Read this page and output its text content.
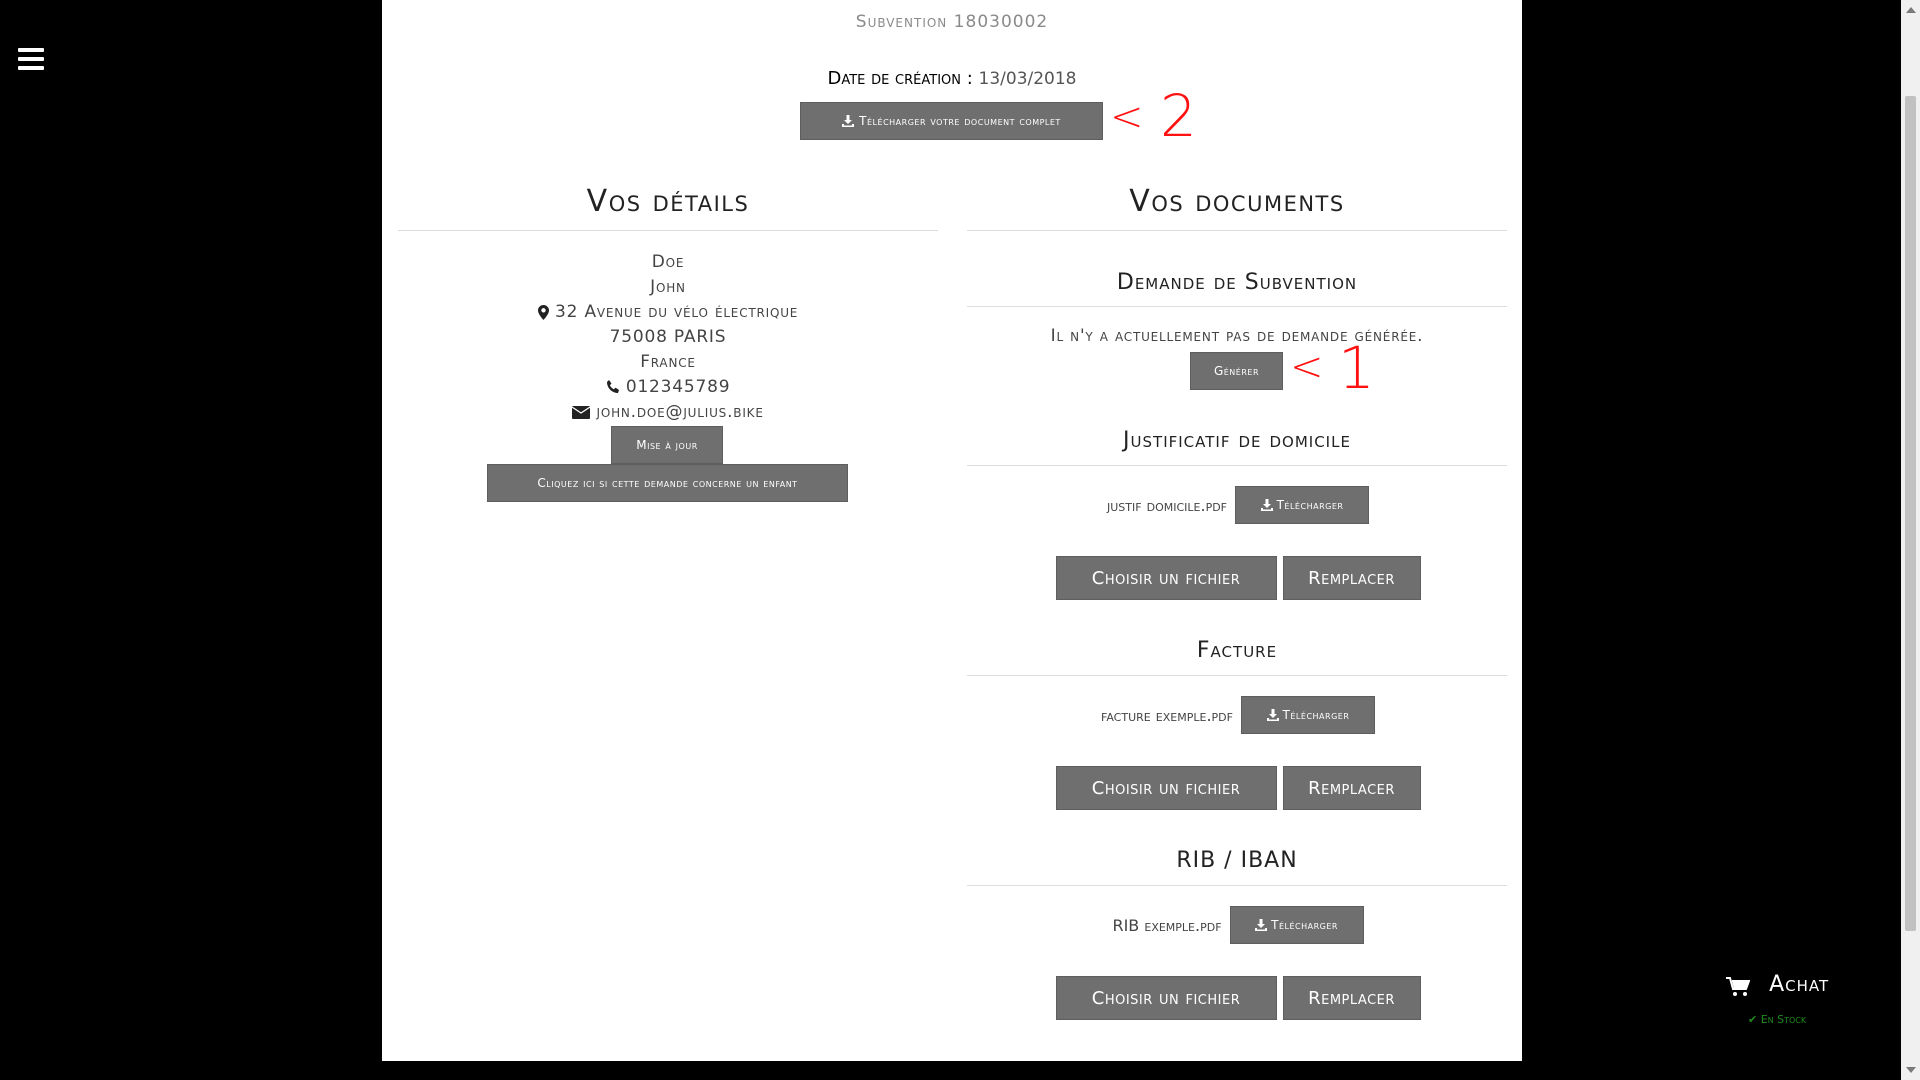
Subvention 18030002
Date de création : 13/03/2018
Télécharger votre document complet < 2
Vos détails
Doe
John
32 Avenue du vélo électrique
75008 PARIS
France
012345789
john.doe@julius.bike
Mise à jour
Cliquez ici si cette demande concerne un enfant
Vos documents
Demande de Subvention
Il n'y a actuellement pas de demande générée.
Générer < 1
Justificatif de domicile
justif domicile.pdf	Télécharger
Choisir un fichier	Remplacer
Facture
facture exemple.pdf	Télécharger
Choisir un fichier	Remplacer
RIB / IBAN
RIB exemple.pdf	Télécharger
Choisir un fichier	Remplacer
Achat
✔ En Stock
